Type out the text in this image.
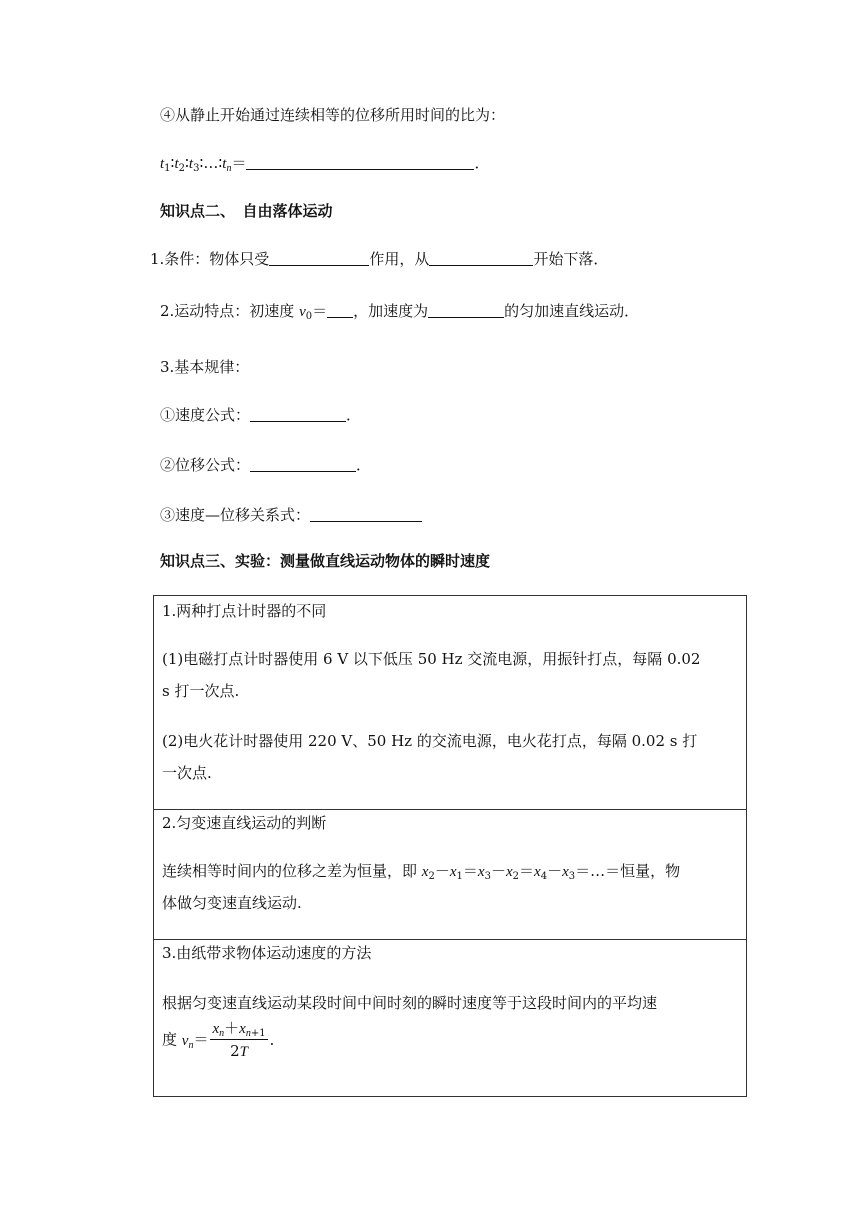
④从静止开始通过连续相等的位移所用时间的比为：
$t_1∶t_2∶t_3∶\dots∶t_n=$	．
知识点二、　自由落体运动
1.条件：物体只受	作用，从	开始下落．
2.运动特点：初速度 $v_0=$ ，加速度为	的匀加速直线运动．
3.基本规律：
①速度公式：	．
②位移公式：	．
③速度—位移关系式：
知识点三、实验：测量做直线运动物体的瞬时速度
1.两种打点计时器的不同
(1)电磁打点计时器使用 6 V 以下低压 50 Hz 交流电源，用振针打点，每隔 0.02
s 打一次点.
(2)电火花计时器使用 220 V、50 Hz 的交流电源，电火花打点，每隔 0.02 s 打
一次点.
2.匀变速直线运动的判断
连续相等时间内的位移之差为恒量，即 $x_2-x_1=x_3-x_2=x_4-x_3=\dots=$恒量，物
体做匀变速直线运动.
3.由纸带求物体运动速度的方法
根据匀变速直线运动某段时间中间时刻的瞬时速度等于这段时间内的平均速
度 $v_n= \frac{x_n+x_{n+1}}{2T}$ ．
